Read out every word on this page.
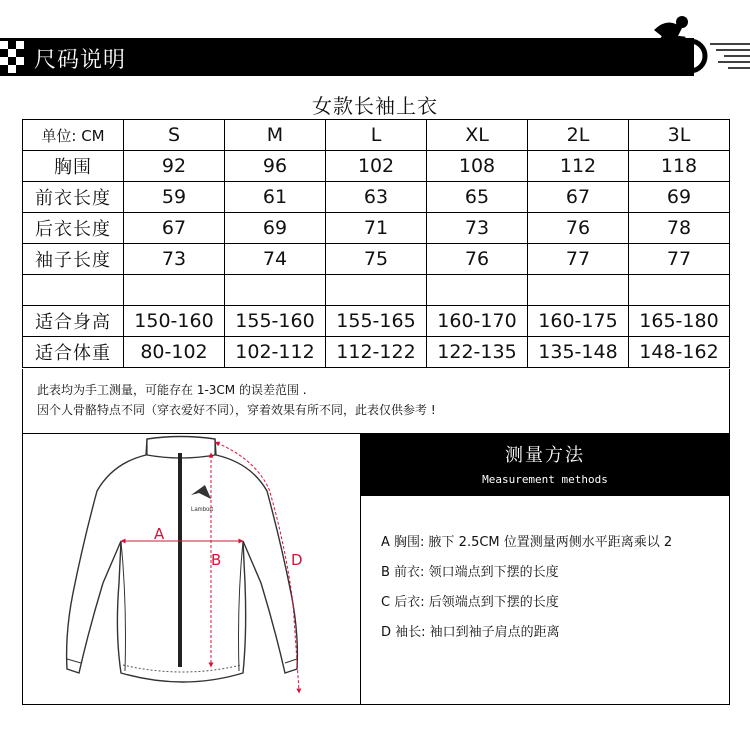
尺码说明
女款长袖上衣
单位: CM	S	M	L	XL	2L	3L
胸围	92	96	102	108	112	118
前衣长度	59	61	63	65	67	69
后衣长度	67	69	71	73	76	78
袖子长度	73	74	75	76	77	77

适合身高	150-160	155-160	155-165	160-170	160-175	165-180
适合体重	80-102	102-112	112-122	122-135	135-148	148-162
此表均为手工测量，可能存在 1-3CM 的误差范围 .
因个人骨骼特点不同（穿衣爱好不同），穿着效果有所不同，此表仅供参考 !
Lambort
A
B	D
测量方法
Measurement methods
A 胸围: 腋下 2.5CM 位置测量两侧水平距离乘以 2
B 前衣: 领口端点到下摆的长度
C 后衣: 后领端点到下摆的长度
D 袖长: 袖口到袖子肩点的距离
